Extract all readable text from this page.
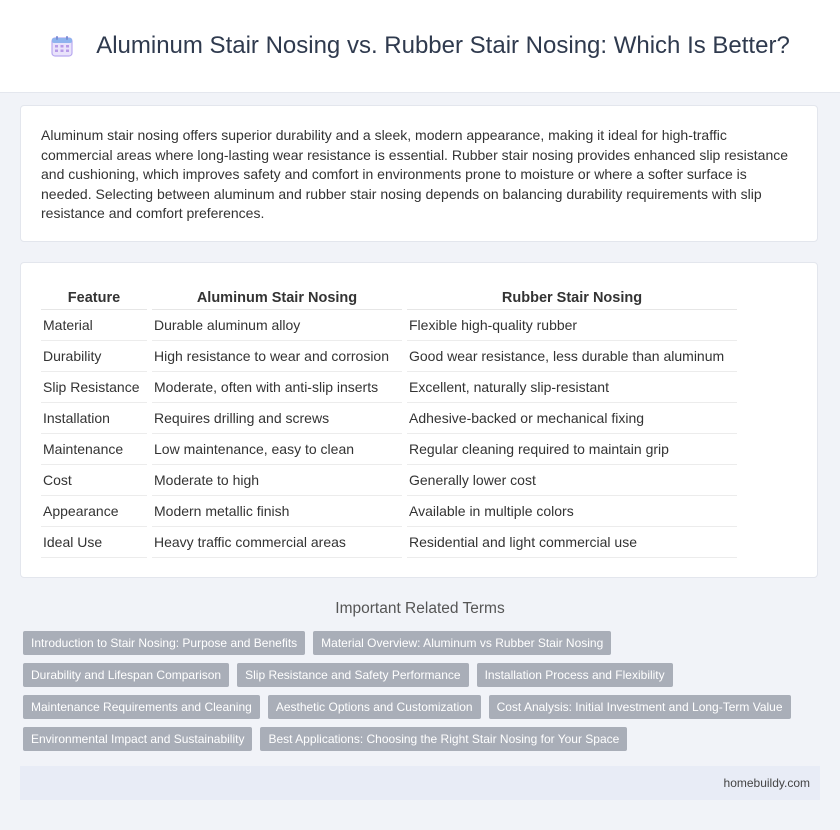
Aluminum Stair Nosing vs. Rubber Stair Nosing: Which Is Better?

Aluminum stair nosing offers superior durability and a sleek, modern appearance, making it ideal for high-traffic commercial areas where long-lasting wear resistance is essential. Rubber stair nosing provides enhanced slip resistance and cushioning, which improves safety and comfort in environments prone to moisture or where a softer surface is needed. Selecting between aluminum and rubber stair nosing depends on balancing durability requirements with slip resistance and comfort preferences.

Feature	Aluminum Stair Nosing	Rubber Stair Nosing
Material	Durable aluminum alloy	Flexible high-quality rubber
Durability	High resistance to wear and corrosion	Good wear resistance, less durable than aluminum
Slip Resistance	Moderate, often with anti-slip inserts	Excellent, naturally slip-resistant
Installation	Requires drilling and screws	Adhesive-backed or mechanical fixing
Maintenance	Low maintenance, easy to clean	Regular cleaning required to maintain grip
Cost	Moderate to high	Generally lower cost
Appearance	Modern metallic finish	Available in multiple colors
Ideal Use	Heavy traffic commercial areas	Residential and light commercial use
Important Related Terms
Introduction to Stair Nosing: Purpose and Benefits	Material Overview: Aluminum vs Rubber Stair Nosing
Durability and Lifespan Comparison	Slip Resistance and Safety Performance	Installation Process and Flexibility
Maintenance Requirements and Cleaning	Aesthetic Options and Customization	Cost Analysis: Initial Investment and Long-Term Value
Environmental Impact and Sustainability	Best Applications: Choosing the Right Stair Nosing for Your Space
homebuildy.com
